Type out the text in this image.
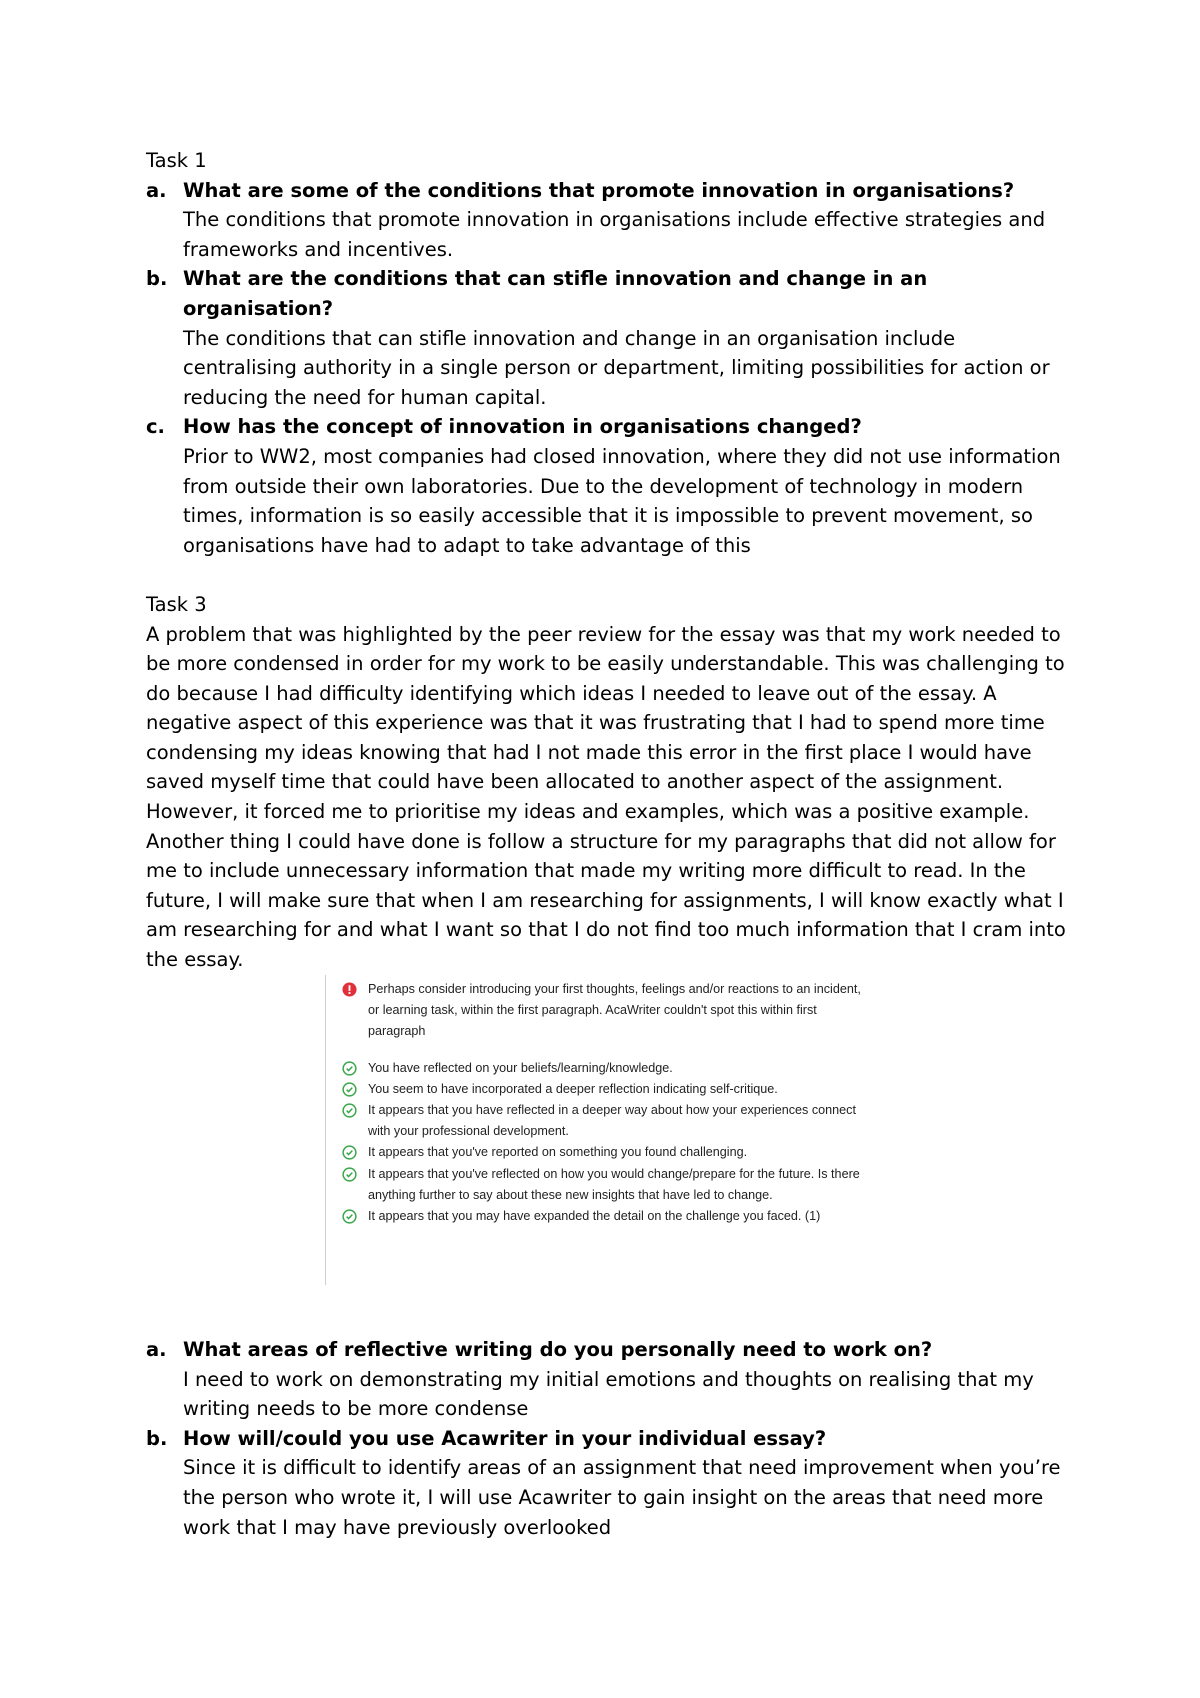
Task 1

a. What are some of the conditions that promote innovation in organisations?
The conditions that promote innovation in organisations include effective strategies and frameworks and incentives.
b. What are the conditions that can stifle innovation and change in an organisation?
The conditions that can stifle innovation and change in an organisation include centralising authority in a single person or department, limiting possibilities for action or reducing the need for human capital.
c. How has the concept of innovation in organisations changed?
Prior to WW2, most companies had closed innovation, where they did not use information from outside their own laboratories. Due to the development of technology in modern times, information is so easily accessible that it is impossible to prevent movement, so organisations have had to adapt to take advantage of this

Task 3

A problem that was highlighted by the peer review for the essay was that my work needed to be more condensed in order for my work to be easily understandable. This was challenging to do because I had difficulty identifying which ideas I needed to leave out of the essay. A negative aspect of this experience was that it was frustrating that I had to spend more time condensing my ideas knowing that had I not made this error in the first place I would have saved myself time that could have been allocated to another aspect of the assignment. However, it forced me to prioritise my ideas and examples, which was a positive example. Another thing I could have done is follow a structure for my paragraphs that did not allow for me to include unnecessary information that made my writing more difficult to read. In the future, I will make sure that when I am researching for assignments, I will know exactly what I am researching for and what I want so that I do not find too much information that I cram into the essay.

Perhaps consider introducing your first thoughts, feelings and/or reactions to an incident, or learning task, within the first paragraph. AcaWriter couldn't spot this within first paragraph
You have reflected on your beliefs/learning/knowledge.
You seem to have incorporated a deeper reflection indicating self-critique.
It appears that you have reflected in a deeper way about how your experiences connect with your professional development.
It appears that you've reported on something you found challenging.
It appears that you've reflected on how you would change/prepare for the future. Is there anything further to say about these new insights that have led to change.
It appears that you may have expanded the detail on the challenge you faced. (1)
a. What areas of reflective writing do you personally need to work on?
I need to work on demonstrating my initial emotions and thoughts on realising that my writing needs to be more condense
b. How will/could you use Acawriter in your individual essay?
Since it is difficult to identify areas of an assignment that need improvement when you’re the person who wrote it, I will use Acawriter to gain insight on the areas that need more work that I may have previously overlooked
